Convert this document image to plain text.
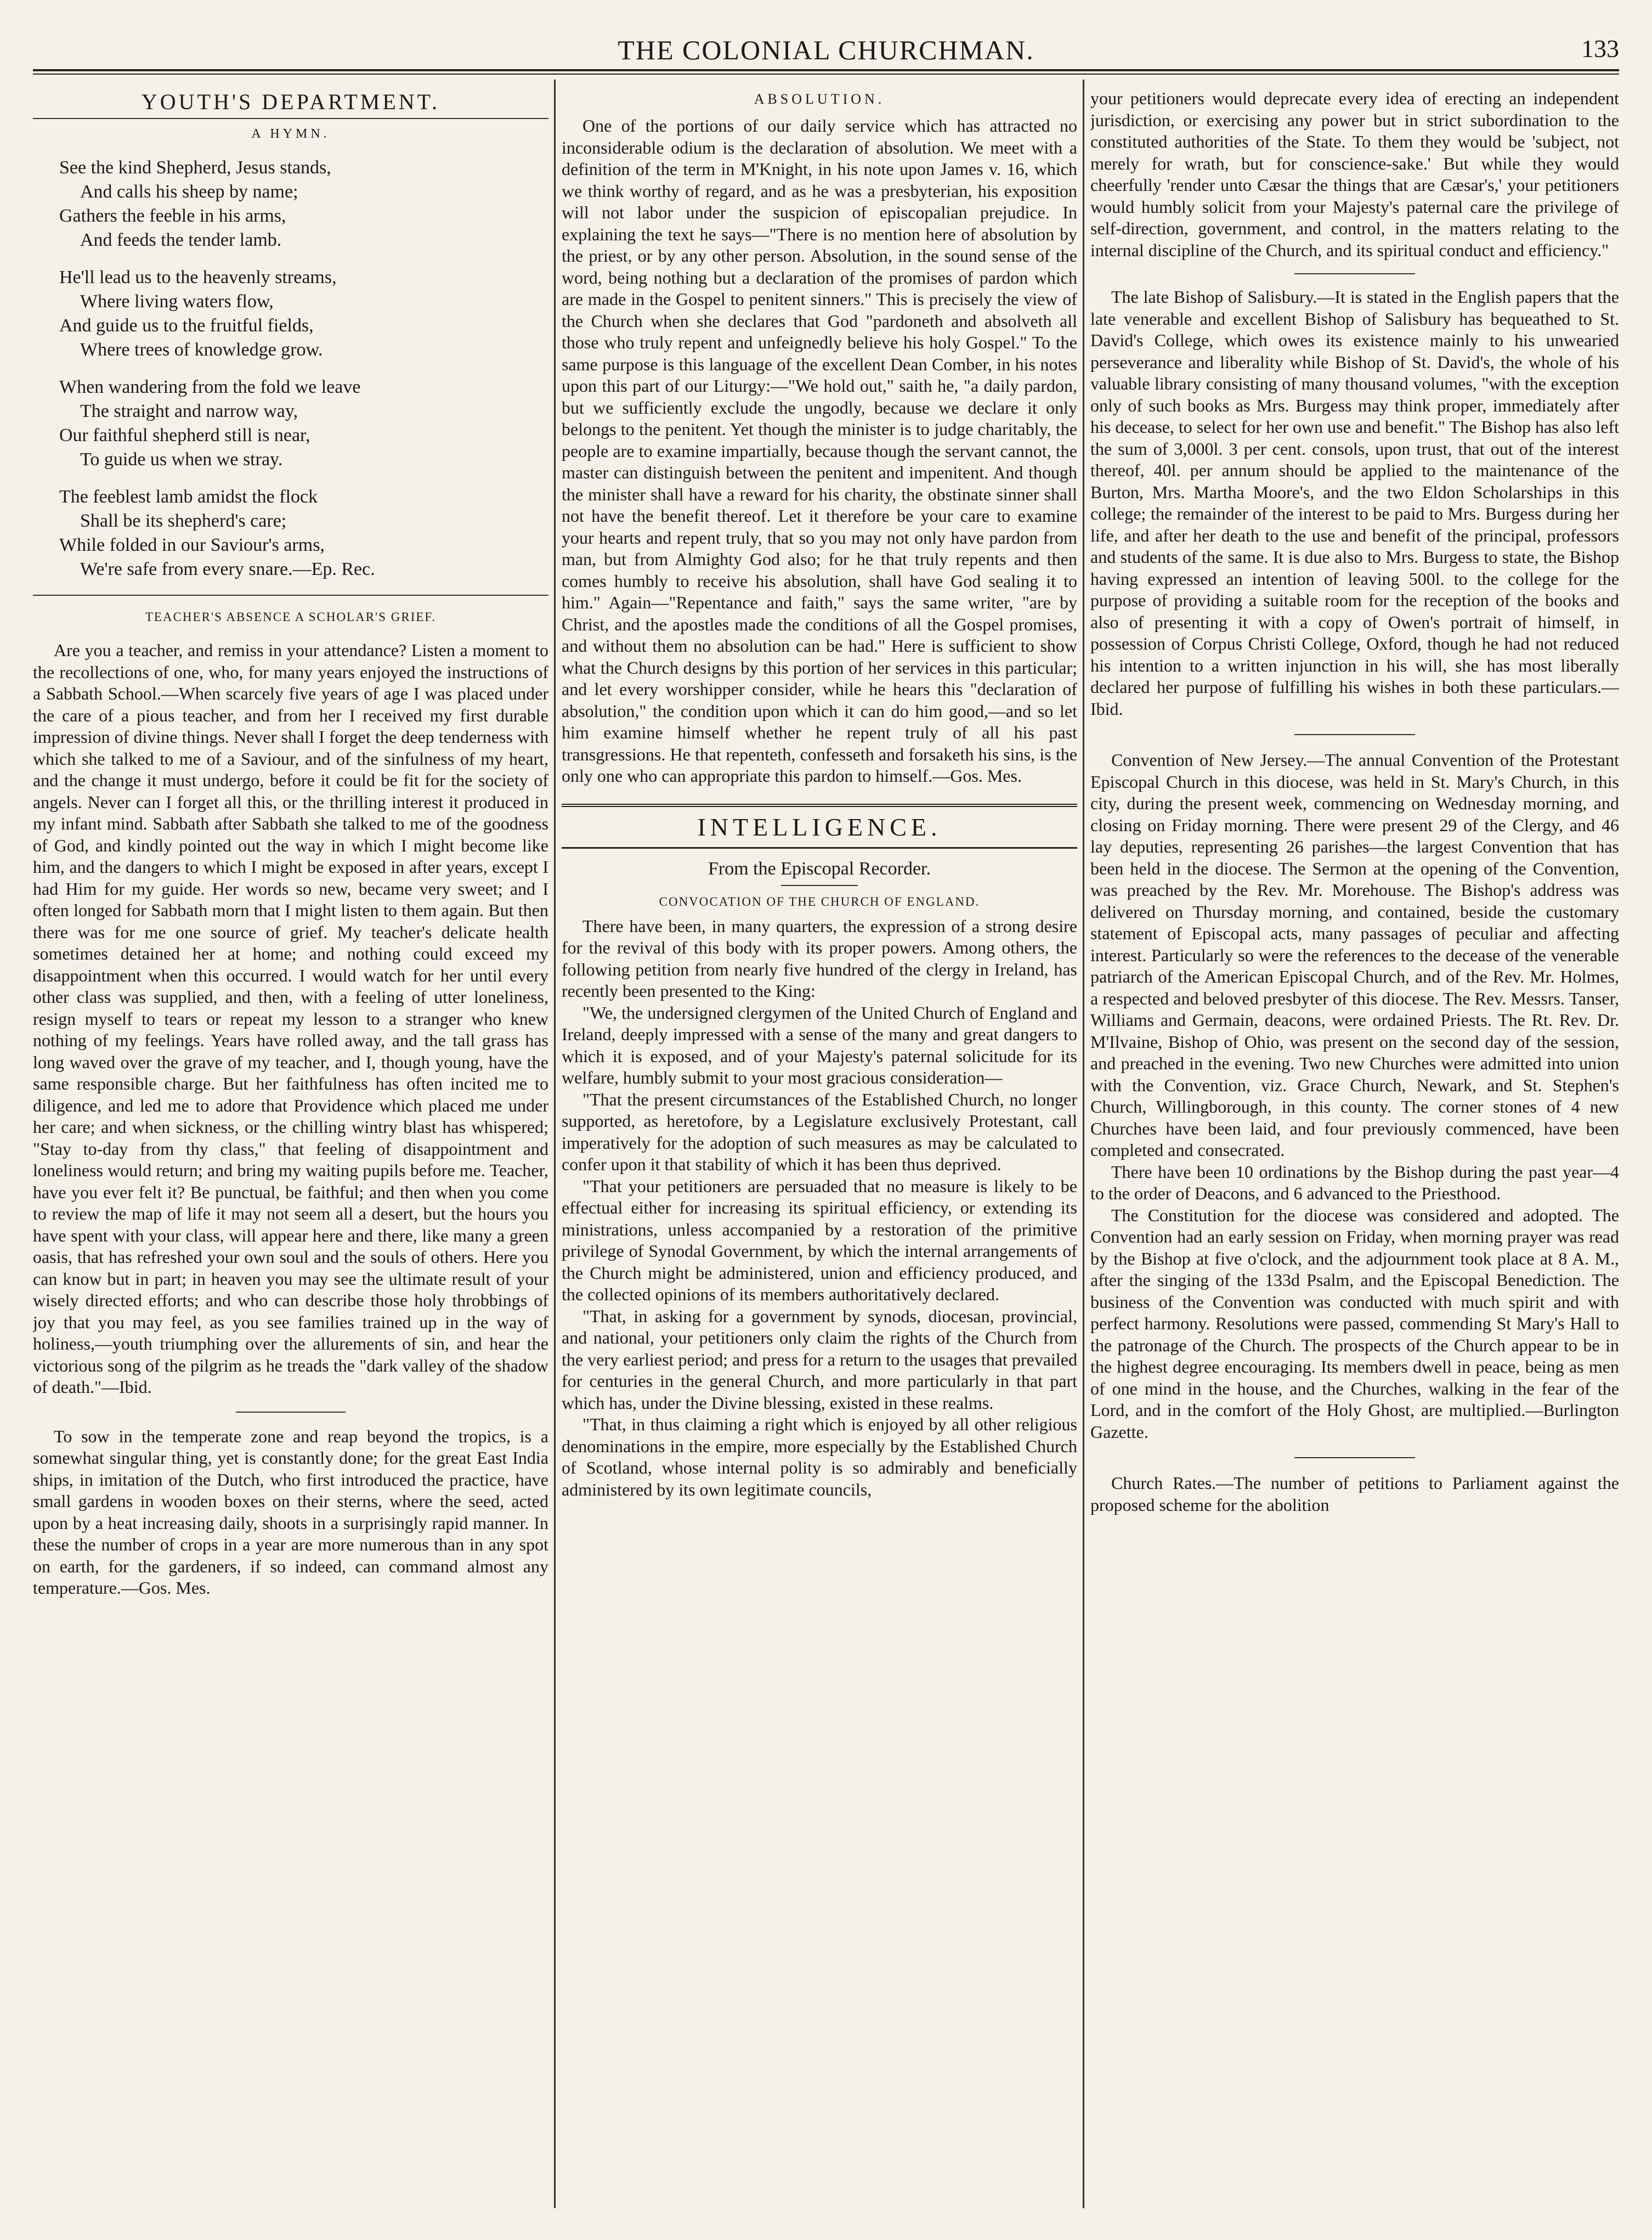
THE COLONIAL CHURCHMAN.	133
YOUTH'S DEPARTMENT.
A HYMN.
See the kind Shepherd, Jesus stands,
And calls his sheep by name;
Gathers the feeble in his arms,
And feeds the tender lamb.
He'll lead us to the heavenly streams,
Where living waters flow,
And guide us to the fruitful fields,
Where trees of knowledge grow.
When wandering from the fold we leave
The straight and narrow way,
Our faithful shepherd still is near,
To guide us when we stray.
The feeblest lamb amidst the flock
Shall be its shepherd's care;
While folded in our Saviour's arms,
We're safe from every snare.—Ep. Rec.
TEACHER'S ABSENCE A SCHOLAR'S GRIEF.

Are you a teacher, and remiss in your attendance? Listen a moment to the recollections of one, who, for many years enjoyed the instructions of a Sabbath School.—When scarcely five years of age I was placed under the care of a pious teacher, and from her I received my first durable impression of divine things. Never shall I forget the deep tenderness with which she talked to me of a Saviour, and of the sinfulness of my heart, and the change it must undergo, before it could be fit for the society of angels. Never can I forget all this, or the thrilling interest it produced in my infant mind. Sabbath after Sabbath she talked to me of the goodness of God, and kindly pointed out the way in which I might become like him, and the dangers to which I might be exposed in after years, except I had Him for my guide. Her words so new, became very sweet; and I often longed for Sabbath morn that I might listen to them again. But then there was for me one source of grief. My teacher's delicate health sometimes detained her at home; and nothing could exceed my disappointment when this occurred. I would watch for her until every other class was supplied, and then, with a feeling of utter loneliness, resign myself to tears or repeat my lesson to a stranger who knew nothing of my feelings. Years have rolled away, and the tall grass has long waved over the grave of my teacher, and I, though young, have the same responsible charge. But her faithfulness has often incited me to diligence, and led me to adore that Providence which placed me under her care; and when sickness, or the chilling wintry blast has whispered; "Stay to-day from thy class," that feeling of disappointment and loneliness would return; and bring my waiting pupils before me. Teacher, have you ever felt it? Be punctual, be faithful; and then when you come to review the map of life it may not seem all a desert, but the hours you have spent with your class, will appear here and there, like many a green oasis, that has refreshed your own soul and the souls of others. Here you can know but in part; in heaven you may see the ultimate result of your wisely directed efforts; and who can describe those holy throbbings of joy that you may feel, as you see families trained up in the way of holiness,—youth triumphing over the allurements of sin, and hear the victorious song of the pilgrim as he treads the "dark valley of the shadow of death."—Ibid.

To sow in the temperate zone and reap beyond the tropics, is a somewhat singular thing, yet is constantly done; for the great East India ships, in imitation of the Dutch, who first introduced the practice, have small gardens in wooden boxes on their sterns, where the seed, acted upon by a heat increasing daily, shoots in a surprisingly rapid manner. In these the number of crops in a year are more numerous than in any spot on earth, for the gardeners, if so indeed, can command almost any temperature.—Gos. Mes.

ABSOLUTION.

One of the portions of our daily service which has attracted no inconsiderable odium is the declaration of absolution. We meet with a definition of the term in M'Knight, in his note upon James v. 16, which we think worthy of regard, and as he was a presbyterian, his exposition will not labor under the suspicion of episcopalian prejudice. In explaining the text he says—"There is no mention here of absolution by the priest, or by any other person. Absolution, in the sound sense of the word, being nothing but a declaration of the promises of pardon which are made in the Gospel to penitent sinners." This is precisely the view of the Church when she declares that God "pardoneth and absolveth all those who truly repent and unfeignedly believe his holy Gospel." To the same purpose is this language of the excellent Dean Comber, in his notes upon this part of our Liturgy:—"We hold out," saith he, "a daily pardon, but we sufficiently exclude the ungodly, because we declare it only belongs to the penitent. Yet though the minister is to judge charitably, the people are to examine impartially, because though the servant cannot, the master can distinguish between the penitent and impenitent. And though the minister shall have a reward for his charity, the obstinate sinner shall not have the benefit thereof. Let it therefore be your care to examine your hearts and repent truly, that so you may not only have pardon from man, but from Almighty God also; for he that truly repents and then comes humbly to receive his absolution, shall have God sealing it to him." Again—"Repentance and faith," says the same writer, "are by Christ, and the apostles made the conditions of all the Gospel promises, and without them no absolution can be had." Here is sufficient to show what the Church designs by this portion of her services in this particular; and let every worshipper consider, while he hears this "declaration of absolution," the condition upon which it can do him good,—and so let him examine himself whether he repent truly of all his past transgressions. He that repenteth, confesseth and forsaketh his sins, is the only one who can appropriate this pardon to himself.—Gos. Mes.

INTELLIGENCE.
From the Episcopal Recorder.
CONVOCATION OF THE CHURCH OF ENGLAND.

There have been, in many quarters, the expression of a strong desire for the revival of this body with its proper powers. Among others, the following petition from nearly five hundred of the clergy in Ireland, has recently been presented to the King:

"We, the undersigned clergymen of the United Church of England and Ireland, deeply impressed with a sense of the many and great dangers to which it is exposed, and of your Majesty's paternal solicitude for its welfare, humbly submit to your most gracious consideration—

"That the present circumstances of the Established Church, no longer supported, as heretofore, by a Legislature exclusively Protestant, call imperatively for the adoption of such measures as may be calculated to confer upon it that stability of which it has been thus deprived.

"That your petitioners are persuaded that no measure is likely to be effectual either for increasing its spiritual efficiency, or extending its ministrations, unless accompanied by a restoration of the primitive privilege of Synodal Government, by which the internal arrangements of the Church might be administered, union and efficiency produced, and the collected opinions of its members authoritatively declared.

"That, in asking for a government by synods, diocesan, provincial, and national, your petitioners only claim the rights of the Church from the very earliest period; and press for a return to the usages that prevailed for centuries in the general Church, and more particularly in that part which has, under the Divine blessing, existed in these realms.

"That, in thus claiming a right which is enjoyed by all other religious denominations in the empire, more especially by the Established Church of Scotland, whose internal polity is so admirably and beneficially administered by its own legitimate councils,

your petitioners would deprecate every idea of erecting an independent jurisdiction, or exercising any power but in strict subordination to the constituted authorities of the State. To them they would be 'subject, not merely for wrath, but for conscience-sake.' But while they would cheerfully 'render unto Cæsar the things that are Cæsar's,' your petitioners would humbly solicit from your Majesty's paternal care the privilege of self-direction, government, and control, in the matters relating to the internal discipline of the Church, and its spiritual conduct and efficiency."

The late Bishop of Salisbury.—It is stated in the English papers that the late venerable and excellent Bishop of Salisbury has bequeathed to St. David's College, which owes its existence mainly to his unwearied perseverance and liberality while Bishop of St. David's, the whole of his valuable library consisting of many thousand volumes, "with the exception only of such books as Mrs. Burgess may think proper, immediately after his decease, to select for her own use and benefit." The Bishop has also left the sum of 3,000l. 3 per cent. consols, upon trust, that out of the interest thereof, 40l. per annum should be applied to the maintenance of the Burton, Mrs. Martha Moore's, and the two Eldon Scholarships in this college; the remainder of the interest to be paid to Mrs. Burgess during her life, and after her death to the use and benefit of the principal, professors and students of the same. It is due also to Mrs. Burgess to state, the Bishop having expressed an intention of leaving 500l. to the college for the purpose of providing a suitable room for the reception of the books and also of presenting it with a copy of Owen's portrait of himself, in possession of Corpus Christi College, Oxford, though he had not reduced his intention to a written injunction in his will, she has most liberally declared her purpose of fulfilling his wishes in both these particulars.—Ibid.

Convention of New Jersey.—The annual Convention of the Protestant Episcopal Church in this diocese, was held in St. Mary's Church, in this city, during the present week, commencing on Wednesday morning, and closing on Friday morning. There were present 29 of the Clergy, and 46 lay deputies, representing 26 parishes—the largest Convention that has been held in the diocese. The Sermon at the opening of the Convention, was preached by the Rev. Mr. Morehouse. The Bishop's address was delivered on Thursday morning, and contained, beside the customary statement of Episcopal acts, many passages of peculiar and affecting interest. Particularly so were the references to the decease of the venerable patriarch of the American Episcopal Church, and of the Rev. Mr. Holmes, a respected and beloved presbyter of this diocese. The Rev. Messrs. Tanser, Williams and Germain, deacons, were ordained Priests. The Rt. Rev. Dr. M'Ilvaine, Bishop of Ohio, was present on the second day of the session, and preached in the evening. Two new Churches were admitted into union with the Convention, viz. Grace Church, Newark, and St. Stephen's Church, Willingborough, in this county. The corner stones of 4 new Churches have been laid, and four previously commenced, have been completed and consecrated.

There have been 10 ordinations by the Bishop during the past year—4 to the order of Deacons, and 6 advanced to the Priesthood.

The Constitution for the diocese was considered and adopted. The Convention had an early session on Friday, when morning prayer was read by the Bishop at five o'clock, and the adjournment took place at 8 A. M., after the singing of the 133d Psalm, and the Episcopal Benediction. The business of the Convention was conducted with much spirit and with perfect harmony. Resolutions were passed, commending St Mary's Hall to the patronage of the Church. The prospects of the Church appear to be in the highest degree encouraging. Its members dwell in peace, being as men of one mind in the house, and the Churches, walking in the fear of the Lord, and in the comfort of the Holy Ghost, are multiplied.—Burlington Gazette.

Church Rates.—The number of petitions to Parliament against the proposed scheme for the abolition
